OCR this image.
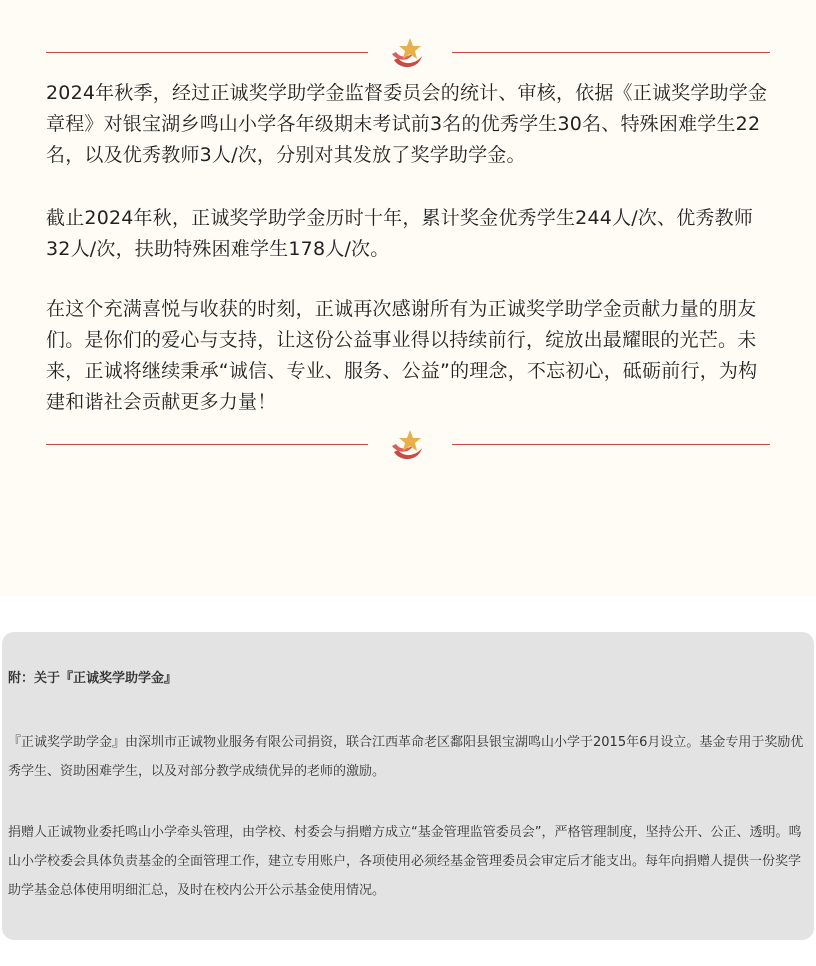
2024年秋季，经过正诚奖学助学金监督委员会的统计、审核，依据《正诚奖学助学金章程》对银宝湖乡鸣山小学各年级期末考试前3名的优秀学生30名、特殊困难学生22名，以及优秀教师3人/次，分别对其发放了奖学助学金。

截止2024年秋，正诚奖学助学金历时十年，累计奖金优秀学生244人/次、优秀教师32人/次，扶助特殊困难学生178人/次。

在这个充满喜悦与收获的时刻，正诚再次感谢所有为正诚奖学助学金贡献力量的朋友们。是你们的爱心与支持，让这份公益事业得以持续前行，绽放出最耀眼的光芒。未来，正诚将继续秉承“诚信、专业、服务、公益”的理念，不忘初心，砥砺前行，为构建和谐社会贡献更多力量！

附：关于『正诚奖学助学金』

『正诚奖学助学金』由深圳市正诚物业服务有限公司捐资，联合江西革命老区鄱阳县银宝湖鸣山小学于2015年6月设立。基金专用于奖励优秀学生、资助困难学生，以及对部分教学成绩优异的老师的激励。

捐赠人正诚物业委托鸣山小学牵头管理，由学校、村委会与捐赠方成立“基金管理监管委员会”，严格管理制度，坚持公开、公正、透明。鸣山小学校委会具体负责基金的全面管理工作，建立专用账户，各项使用必须经基金管理委员会审定后才能支出。每年向捐赠人提供一份奖学助学基金总体使用明细汇总，及时在校内公开公示基金使用情况。
